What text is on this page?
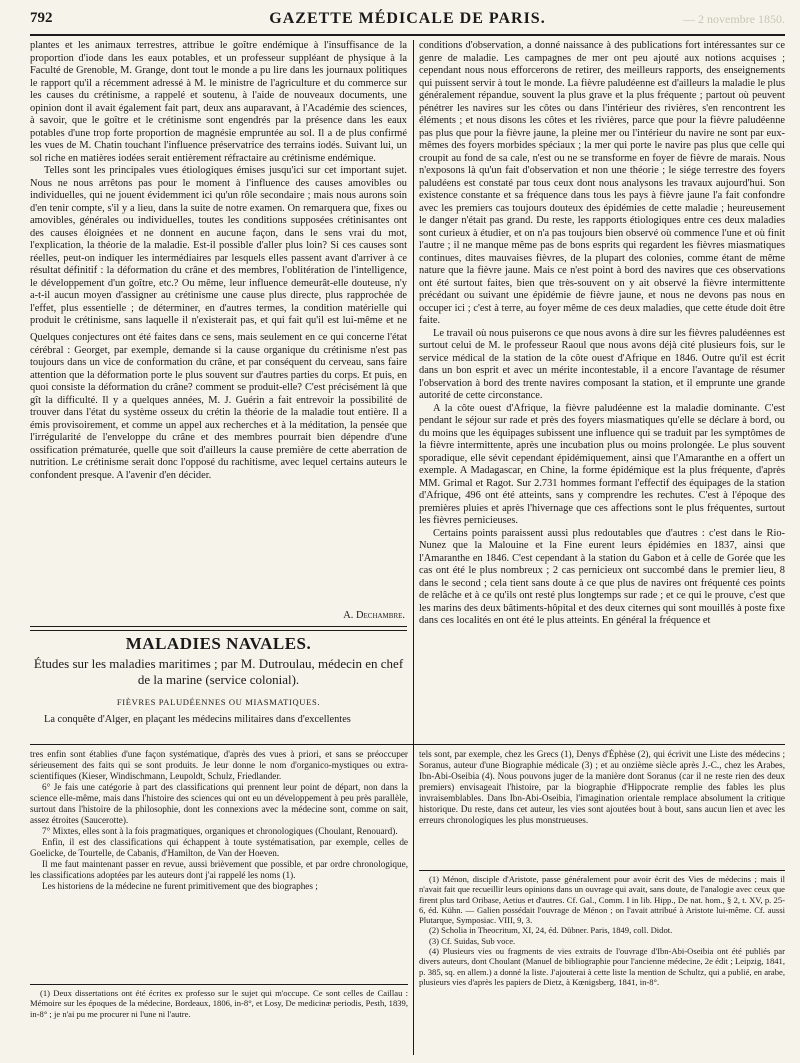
792	GAZETTE MÉDICALE DE PARIS.	— 2 novembre 1850.

plantes et les animaux terrestres, attribue le goître endémique à l'insuffisance de la proportion d'iode dans les eaux potables, et un professeur suppléant de physique à la Faculté de Grenoble, M. Grange, dont tout le monde a pu lire dans les journaux politiques le rapport qu'il a récemment adressé à M. le ministre de l'agriculture et du commerce sur les causes du crétinisme, a rappelé et soutenu, à l'aide de nouveaux documents, une opinion dont il avait également fait part, deux ans auparavant, à l'Académie des sciences, à savoir, que le goître et le crétinisme sont engendrés par la présence dans les eaux potables d'une trop forte proportion de magnésie empruntée au sol. Il a de plus confirmé les vues de M. Chatin touchant l'influence préservatrice des terrains iodés. Suivant lui, un sol riche en matières iodées serait entièrement réfractaire au crétinisme endémique.

Telles sont les principales vues étiologiques émises jusqu'ici sur cet important sujet. Nous ne nous arrêtons pas pour le moment à l'influence des causes amovibles ou individuelles, qui ne jouent évidemment ici qu'un rôle secondaire ; mais nous aurons soin d'en tenir compte, s'il y a lieu, dans la suite de notre examen. On remarquera que, fixes ou amovibles, générales ou individuelles, toutes les conditions supposées crétinisantes ont des causes éloignées et ne donnent en aucune façon, dans le sens vrai du mot, l'explication, la théorie de la maladie. Est-il possible d'aller plus loin? Si ces causes sont réelles, peut-on indiquer les intermédiaires par lesquels elles passent avant d'arriver à ce résultat définitif : la déformation du crâne et des membres, l'oblitération de l'intelligence, le développement d'un goître, etc.? Ou même, leur influence demeurât-elle douteuse, n'y a-t-il aucun moyen d'assigner au crétinisme une cause plus directe, plus rapprochée de l'effet, plus essentielle ; de déterminer, en d'autres termes, la condition matérielle qui produit le crétinisme, sans laquelle il n'existerait pas, et qui fait qu'il est lui-même et ne

Quelques conjectures ont été faites dans ce sens, mais seulement en ce qui concerne l'état cérébral : Georget, par exemple, demande si la cause organique du crétinisme n'est pas toujours dans un vice de conformation du crâne, et par conséquent du cerveau, sans faire attention que la déformation porte le plus souvent sur d'autres parties du corps. Et puis, en quoi consiste la déformation du crâne? comment se produit-elle? C'est précisément là que gît la difficulté. Il y a quelques années, M. J. Guérin a fait entrevoir la possibilité de trouver dans l'état du système osseux du crétin la théorie de la maladie tout entière. Il a émis provisoirement, et comme un appel aux recherches et à la méditation, la pensée que l'irrégularité de l'enveloppe du crâne et des membres pourrait bien dépendre d'une ossification prématurée, quelle que soit d'ailleurs la cause première de cette aberration de nutrition. Le crétinisme serait donc l'opposé du rachitisme, avec lequel certains auteurs le confondent presque. A l'avenir d'en décider.

A. Dechambre.
MALADIES NAVALES.
Études sur les maladies maritimes ; par M. Dutroulau, médecin en chef de la marine (service colonial).
FIÈVRES PALUDÉENNES OU MIASMATIQUES.
La conquête d'Alger, en plaçant les médecins militaires dans d'excellentes

conditions d'observation, a donné naissance à des publications fort intéressantes sur ce genre de maladie. Les campagnes de mer ont peu ajouté aux notions acquises ; cependant nous nous efforcerons de retirer, des meilleurs rapports, des enseignements qui puissent servir à tout le monde. La fièvre paludéenne est d'ailleurs la maladie le plus généralement répandue, souvent la plus grave et la plus fréquente ; partout où peuvent pénétrer les navires sur les côtes ou dans l'intérieur des rivières, s'en rencontrent les éléments ; et nous disons les côtes et les rivières, parce que pour la fièvre paludéenne pas plus que pour la fièvre jaune, la pleine mer ou l'intérieur du navire ne sont par eux-mêmes des foyers morbides spéciaux ; la mer qui porte le navire pas plus que celle qui croupit au fond de sa cale, n'est ou ne se transforme en foyer de fièvre de marais. Nous n'exposons là qu'un fait d'observation et non une théorie ; le siége terrestre des foyers paludéens est constaté par tous ceux dont nous analysons les travaux aujourd'hui. Son existence constante et sa fréquence dans tous les pays à fièvre jaune l'a fait confondre avec les premiers cas toujours douteux des épidémies de cette maladie ; heureusement le danger n'était pas grand. Du reste, les rapports étiologiques entre ces deux maladies sont curieux à étudier, et on n'a pas toujours bien observé où commence l'une et où finit l'autre ; il ne manque même pas de bons esprits qui regardent les fièvres miasmatiques continues, dites mauvaises fièvres, de la plupart des colonies, comme étant de même nature que la fièvre jaune. Mais ce n'est point à bord des navires que ces observations ont été surtout faites, bien que très-souvent on y ait observé la fièvre intermittente précédant ou suivant une épidémie de fièvre jaune, et nous ne devons pas nous en occuper ici ; c'est à terre, au foyer même de ces deux maladies, que cette étude doit être faite.

Le travail où nous puiserons ce que nous avons à dire sur les fièvres paludéennes est surtout celui de M. le professeur Raoul que nous avons déjà cité plusieurs fois, sur le service médical de la station de la côte ouest d'Afrique en 1846. Outre qu'il est écrit dans un bon esprit et avec un mérite incontestable, il a encore l'avantage de résumer l'observation à bord des trente navires composant la station, et il emprunte une grande autorité de cette circonstance.

A la côte ouest d'Afrique, la fièvre paludéenne est la maladie dominante. C'est pendant le séjour sur rade et près des foyers miasmatiques qu'elle se déclare à bord, ou du moins que les équipages subissent une influence qui se traduit par les symptômes de la fièvre intermittente, après une incubation plus ou moins prolongée. Le plus souvent sporadique, elle sévit cependant épidémiquement, ainsi que l'Amaranthe en a offert un exemple. A Madagascar, en Chine, la forme épidémique est la plus fréquente, d'après MM. Grimal et Ragot. Sur 2.731 hommes formant l'effectif des équipages de la station d'Afrique, 496 ont été atteints, sans y comprendre les rechutes. C'est à l'époque des premières pluies et après l'hivernage que ces affections sont le plus fréquentes, surtout les fièvres pernicieuses.

Certains points paraissent aussi plus redoutables que d'autres : c'est dans le Rio-Nunez que la Malouine et la Fine eurent leurs épidémies en 1837, ainsi que l'Amaranthe en 1846. C'est cependant à la station du Gabon et à celle de Gorée que les cas ont été le plus nombreux ; 2 cas pernicieux ont succombé dans le premier lieu, 8 dans le second ; cela tient sans doute à ce que plus de navires ont fréquenté ces points de relâche et à ce qu'ils ont resté plus longtemps sur rade ; et ce qui le prouve, c'est que les marins des deux bâtiments-hôpital et des deux citernes qui sont mouillés à poste fixe dans ces localités en ont été le plus atteints. En général la fréquence et

tres enfin sont établies d'une façon systématique, d'après des vues à priori, et sans se préoccuper sérieusement des faits qui se sont produits. Je leur donne le nom d'organico-mystiques ou extra-scientifiques (Kieser, Windischmann, Leupoldt, Schulz, Friedlander.

6° Je fais une catégorie à part des classifications qui prennent leur point de départ, non dans la science elle-même, mais dans l'histoire des sciences qui ont eu un développement à peu près parallèle, surtout dans l'histoire de la philosophie, dont les connexions avec la médecine sont, comme on sait, assez étroites (Saucerotte).

7° Mixtes, elles sont à la fois pragmatiques, organiques et chronologiques (Choulant, Renouard).

Enfin, il est des classifications qui échappent à toute systématisation, par exemple, celles de Goelicke, de Tourtelle, de Cabanis, d'Hamilton, de Van der Hoeven.

Il me faut maintenant passer en revue, aussi brièvement que possible, et par ordre chronologique, les classifications adoptées par les auteurs dont j'ai rappelé les noms (1).

Les historiens de la médecine ne furent primitivement que des biographes ;

tels sont, par exemple, chez les Grecs (1), Denys d'Éphèse (2), qui écrivit une Liste des médecins ; Soranus, auteur d'une Biographie médicale (3) ; et au onzième siècle après J.-C., chez les Arabes, Ibn-Abi-Oseibia (4). Nous pouvons juger de la manière dont Soranus (car il ne reste rien des deux premiers) envisageait l'histoire, par la biographie d'Hippocrate remplie des fables les plus invraisemblables. Dans Ibn-Abi-Oseibia, l'imagination orientale remplace absolument la critique historique. Du reste, dans cet auteur, les vies sont ajoutées bout à bout, sans aucun lien et avec les erreurs chronologiques les plus monstrueuses.

(1) Deux dissertations ont été écrites ex professo sur le sujet qui m'occupe. Ce sont celles de Caillau : Mémoire sur les époques de la médecine, Bordeaux, 1806, in-8°, et Losy, De medicinæ periodis, Pesth, 1839, in-8° ; je n'ai pu me procurer ni l'une ni l'autre.

(1) Ménon, disciple d'Aristote, passe généralement pour avoir écrit des Vies de médecins ; mais il n'avait fait que recueillir leurs opinions dans un ouvrage qui avait, sans doute, de l'analogie avec ceux que firent plus tard Oribase, Aetius et d'autres. Cf. Gal., Comm. I in lib. Hipp., De nat. hom., § 2, t. XV, p. 25-6, éd. Kühn. — Galien possédait l'ouvrage de Ménon ; on l'avait attribué à Aristote lui-même. Cf. aussi Plutarque, Symposiac. VIII, 9, 3.

(2) Scholia in Theocritum, XI, 24, éd. Dübner. Paris, 1849, coll. Didot.

(3) Cf. Suidas, Sub voce.

(4) Plusieurs vies ou fragments de vies extraits de l'ouvrage d'Ibn-Abi-Oseibia ont été publiés par divers auteurs, dont Choulant (Manuel de bibliographie pour l'ancienne médecine, 2e édit ; Leipzig, 1841, p. 385, sq. en allem.) a donné la liste. J'ajouterai à cette liste la mention de Schultz, qui a publié, en arabe, plusieurs vies d'après les papiers de Dietz, à Kœnigsberg, 1841, in-8°.
